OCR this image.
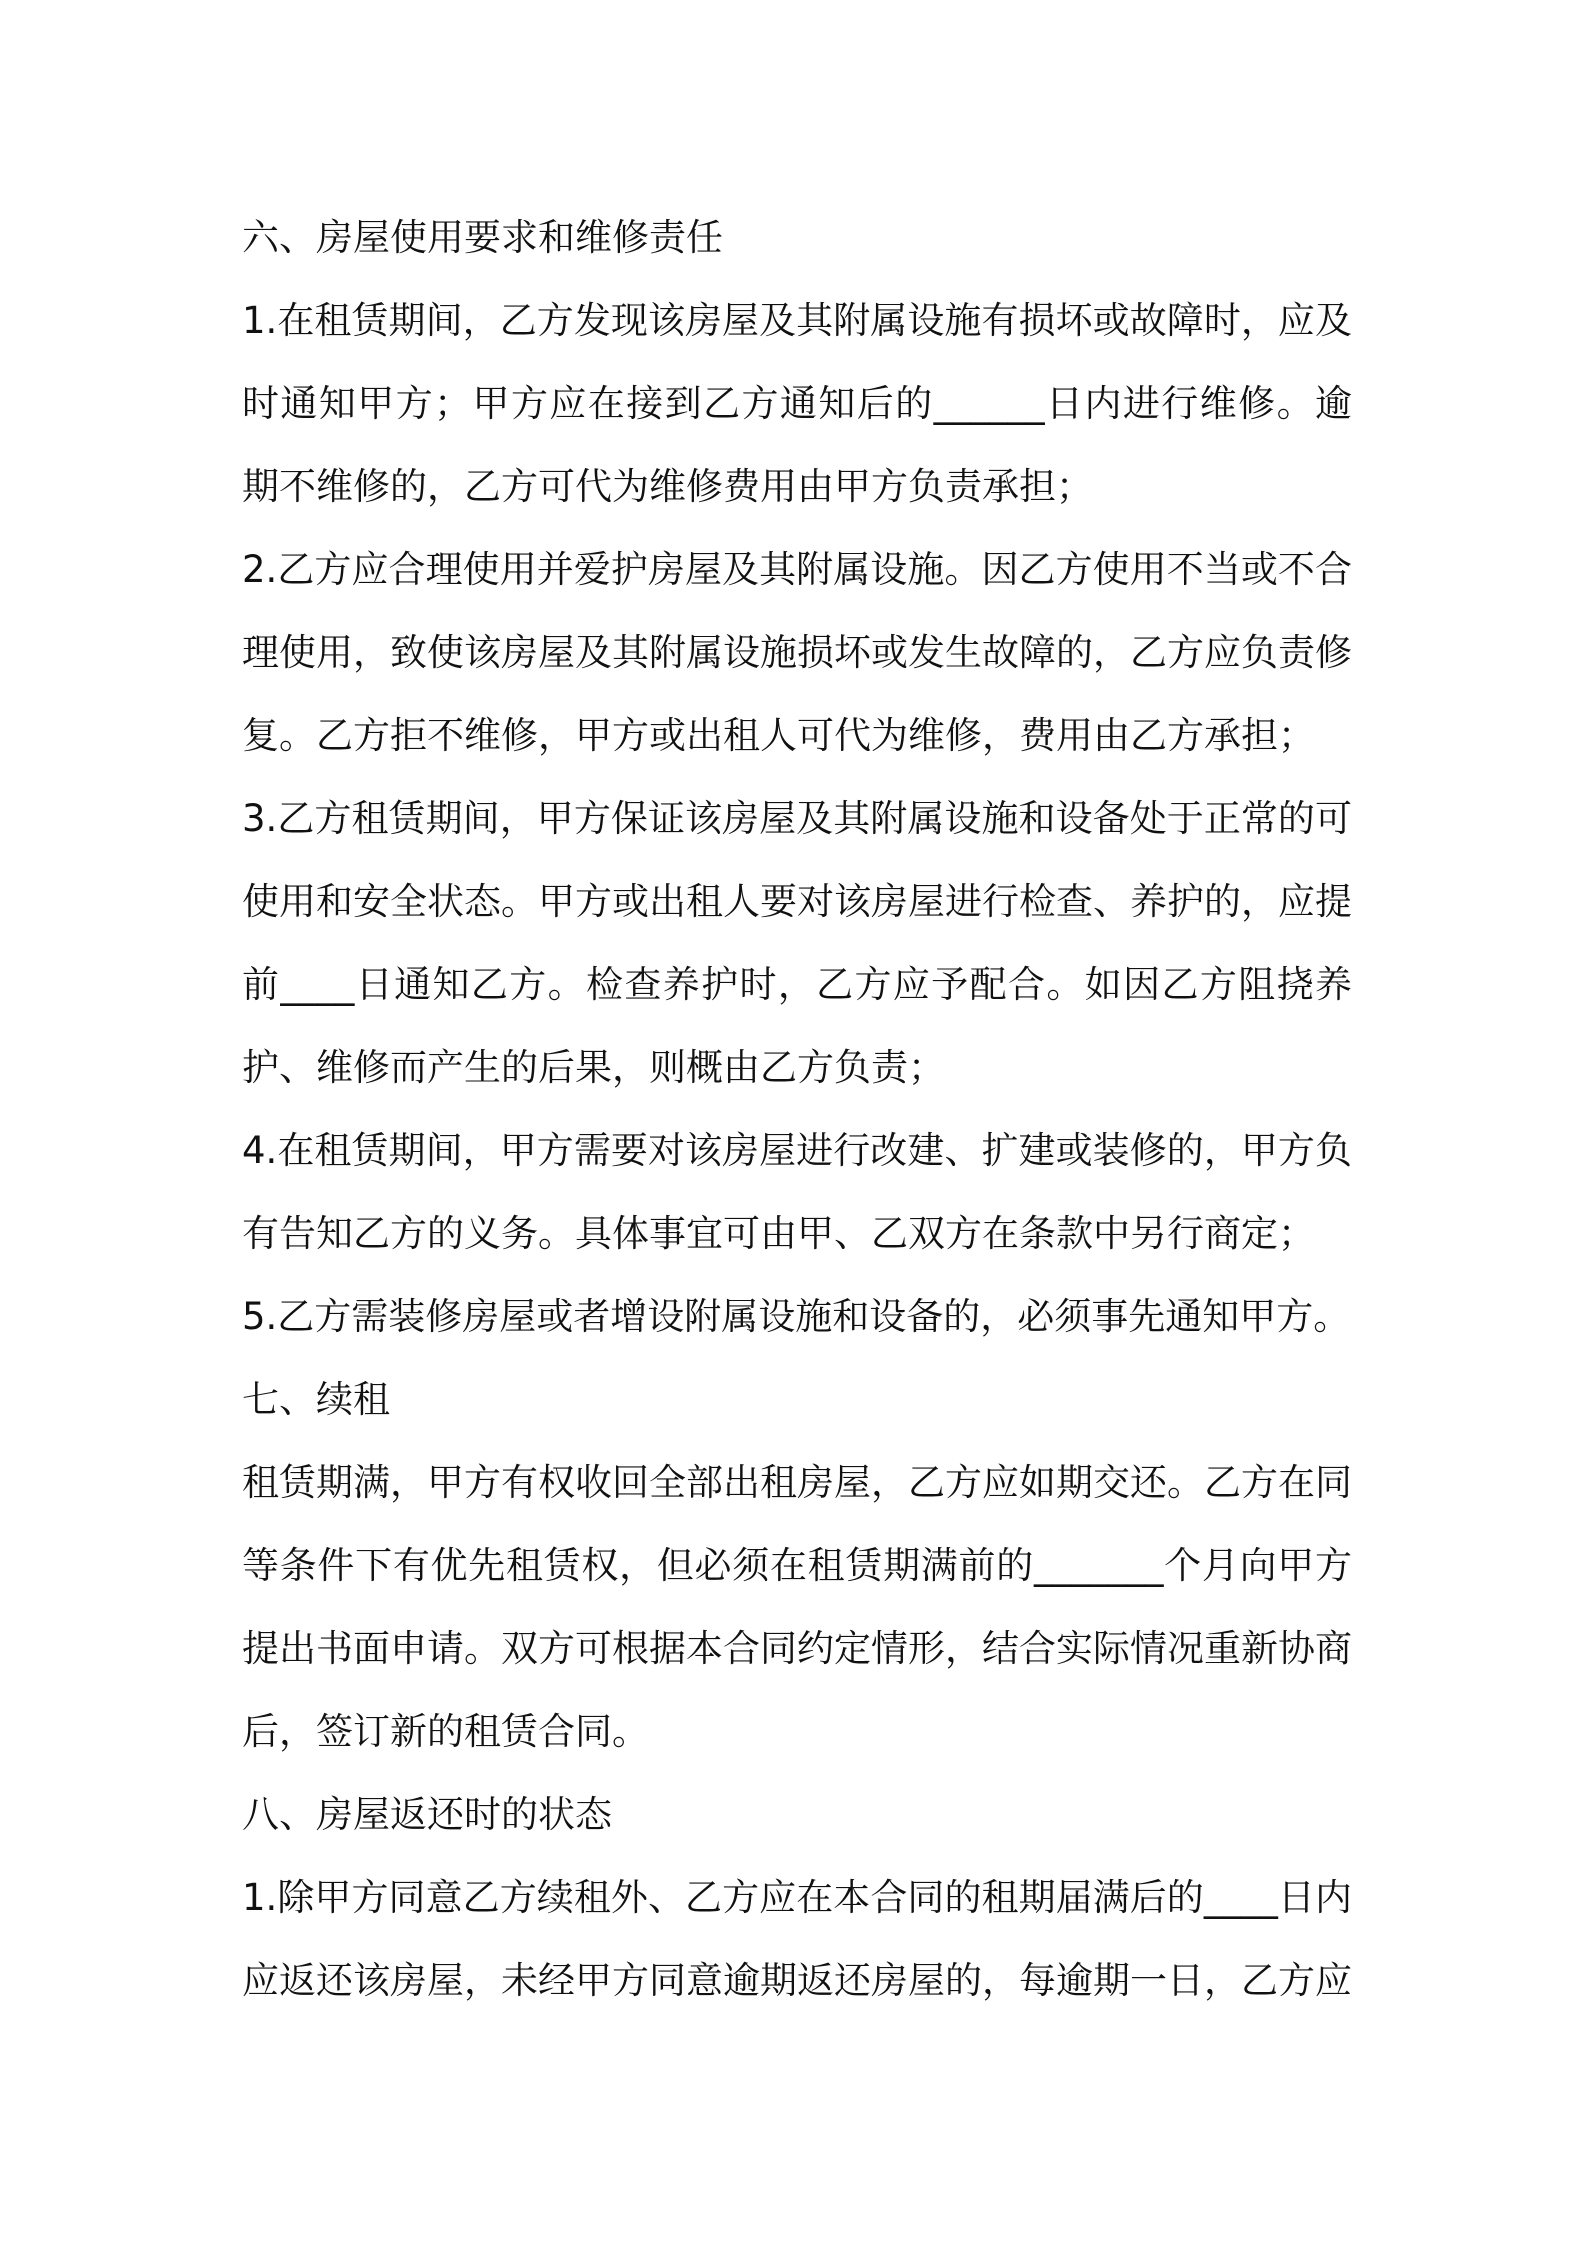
六、房屋使用要求和维修责任
1.在租赁期间，乙方发现该房屋及其附属设施有损坏或故障时，应及
时通知甲方；甲方应在接到乙方通知后的______日内进行维修。逾
期不维修的，乙方可代为维修费用由甲方负责承担；
2.乙方应合理使用并爱护房屋及其附属设施。因乙方使用不当或不合
理使用，致使该房屋及其附属设施损坏或发生故障的，乙方应负责修
复。乙方拒不维修，甲方或出租人可代为维修，费用由乙方承担；
3.乙方租赁期间，甲方保证该房屋及其附属设施和设备处于正常的可
使用和安全状态。甲方或出租人要对该房屋进行检查、养护的，应提
前____日通知乙方。检查养护时，乙方应予配合。如因乙方阻挠养
护、维修而产生的后果，则概由乙方负责；
4.在租赁期间，甲方需要对该房屋进行改建、扩建或装修的，甲方负
有告知乙方的义务。具体事宜可由甲、乙双方在条款中另行商定；
5.乙方需装修房屋或者增设附属设施和设备的，必须事先通知甲方。
七、续租
租赁期满，甲方有权收回全部出租房屋，乙方应如期交还。乙方在同
等条件下有优先租赁权，但必须在租赁期满前的_______个月向甲方
提出书面申请。双方可根据本合同约定情形，结合实际情况重新协商
后，签订新的租赁合同。
八、房屋返还时的状态
1.除甲方同意乙方续租外、乙方应在本合同的租期届满后的____日内
应返还该房屋，未经甲方同意逾期返还房屋的，每逾期一日，乙方应
